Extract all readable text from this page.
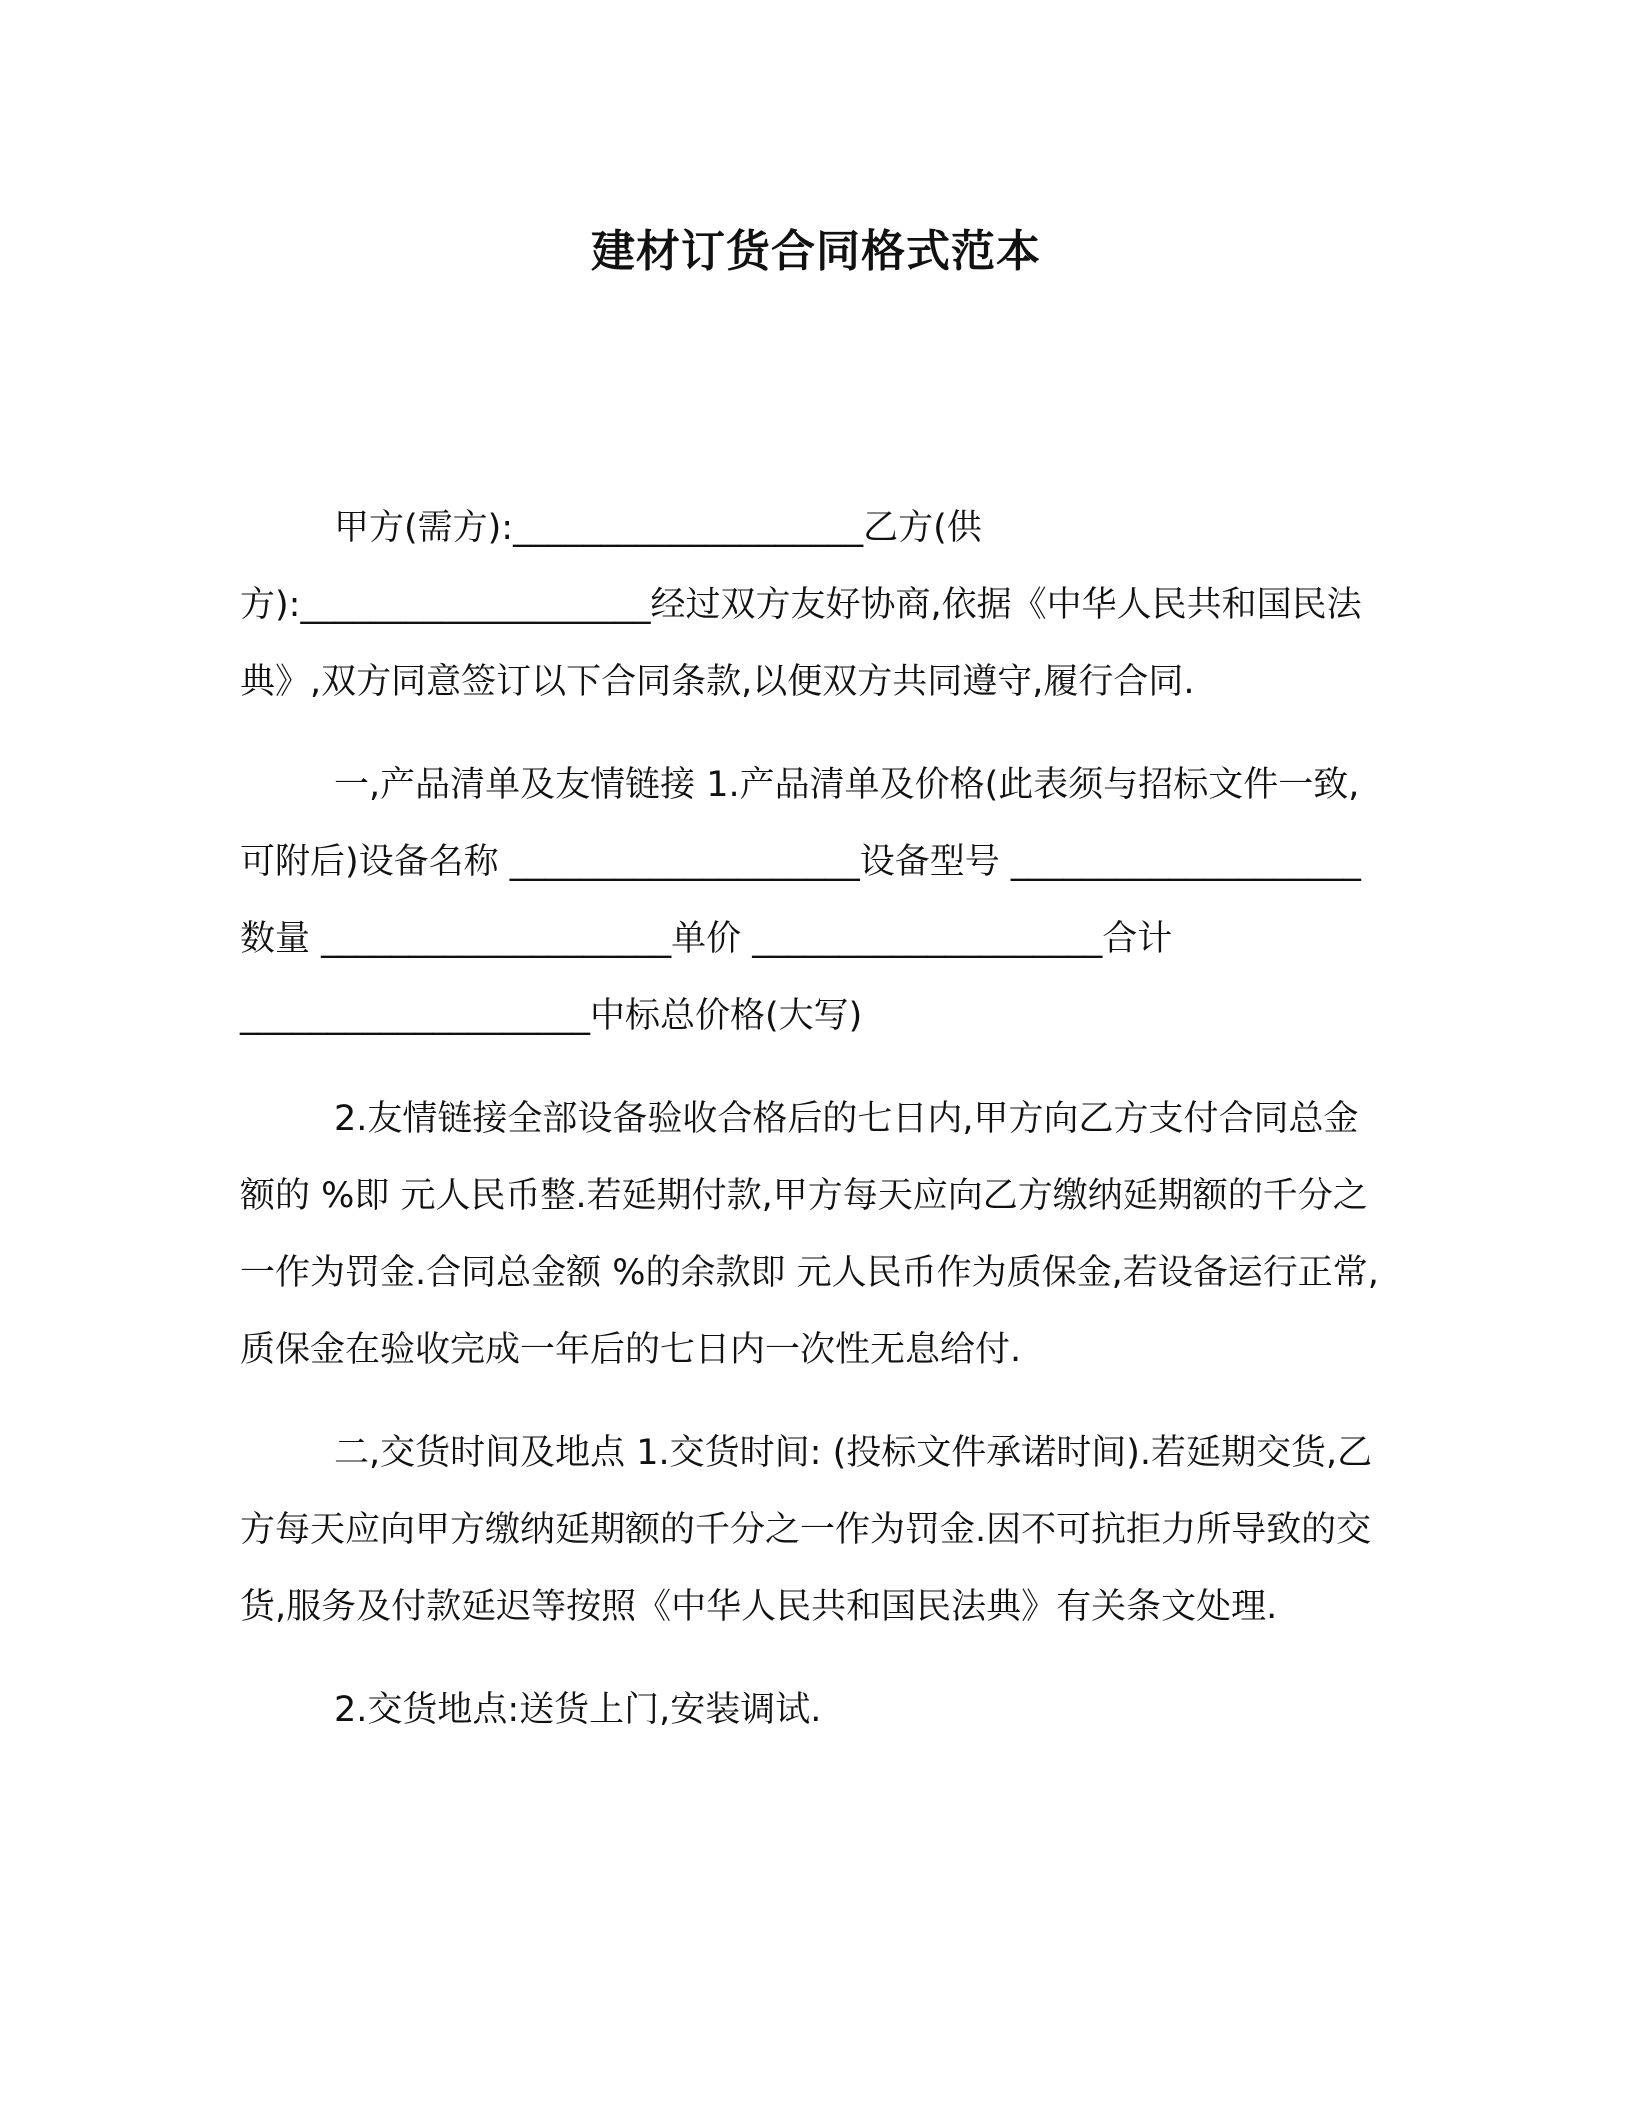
建材订货合同格式范本

甲方(需方):____________________乙方(供方):____________________经过双方友好协商,依据《中华人民共和国民法典》,双方同意签订以下合同条款,以便双方共同遵守,履行合同.

一,产品清单及友情链接 1.产品清单及价格(此表须与招标文件一致,可附后)设备名称 ____________________设备型号 ____________________数量 ____________________单价 ____________________合计 ____________________中标总价格(大写)

2.友情链接全部设备验收合格后的七日内,甲方向乙方支付合同总金额的 %即 元人民币整.若延期付款,甲方每天应向乙方缴纳延期额的千分之一作为罚金.合同总金额 %的余款即 元人民币作为质保金,若设备运行正常,质保金在验收完成一年后的七日内一次性无息给付.

二,交货时间及地点 1.交货时间: (投标文件承诺时间).若延期交货,乙方每天应向甲方缴纳延期额的千分之一作为罚金.因不可抗拒力所导致的交货,服务及付款延迟等按照《中华人民共和国民法典》有关条文处理.

2.交货地点:送货上门,安装调试.
